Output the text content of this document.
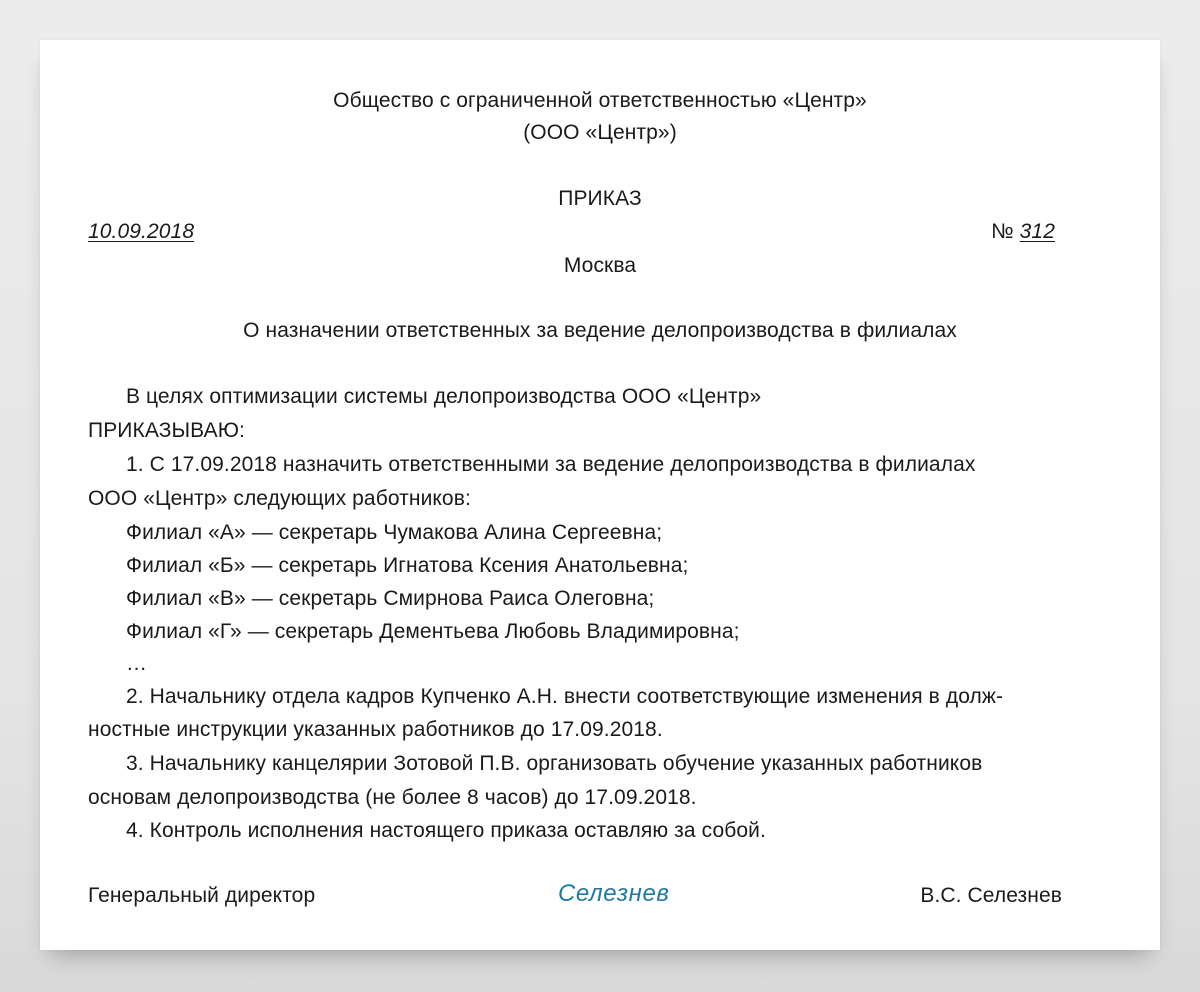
Общество с ограниченной ответственностью «Центр»

(ООО «Центр»)

ПРИКАЗ

10.09.2018	№ 312

Москва

О назначении ответственных за ведение делопроизводства в филиалах

В целях оптимизации системы делопроизводства ООО «Центр»

ПРИКАЗЫВАЮ:

1. С 17.09.2018 назначить ответственными за ведение делопроизводства в филиалах

ООО «Центр» следующих работников:

Филиал «А» — секретарь Чумакова Алина Сергеевна;

Филиал «Б» — секретарь Игнатова Ксения Анатольевна;

Филиал «В» — секретарь Смирнова Раиса Олеговна;

Филиал «Г» — секретарь Дементьева Любовь Владимировна;

…

2. Начальнику отдела кадров Купченко А.Н. внести соответствующие изменения в долж-

ностные инструкции указанных работников до 17.09.2018.

3. Начальнику канцелярии Зотовой П.В. организовать обучение указанных работников

основам делопроизводства (не более 8 часов) до 17.09.2018.

4. Контроль исполнения настоящего приказа оставляю за собой.

Генеральный директор	Селезнев	В.С. Селезнев
